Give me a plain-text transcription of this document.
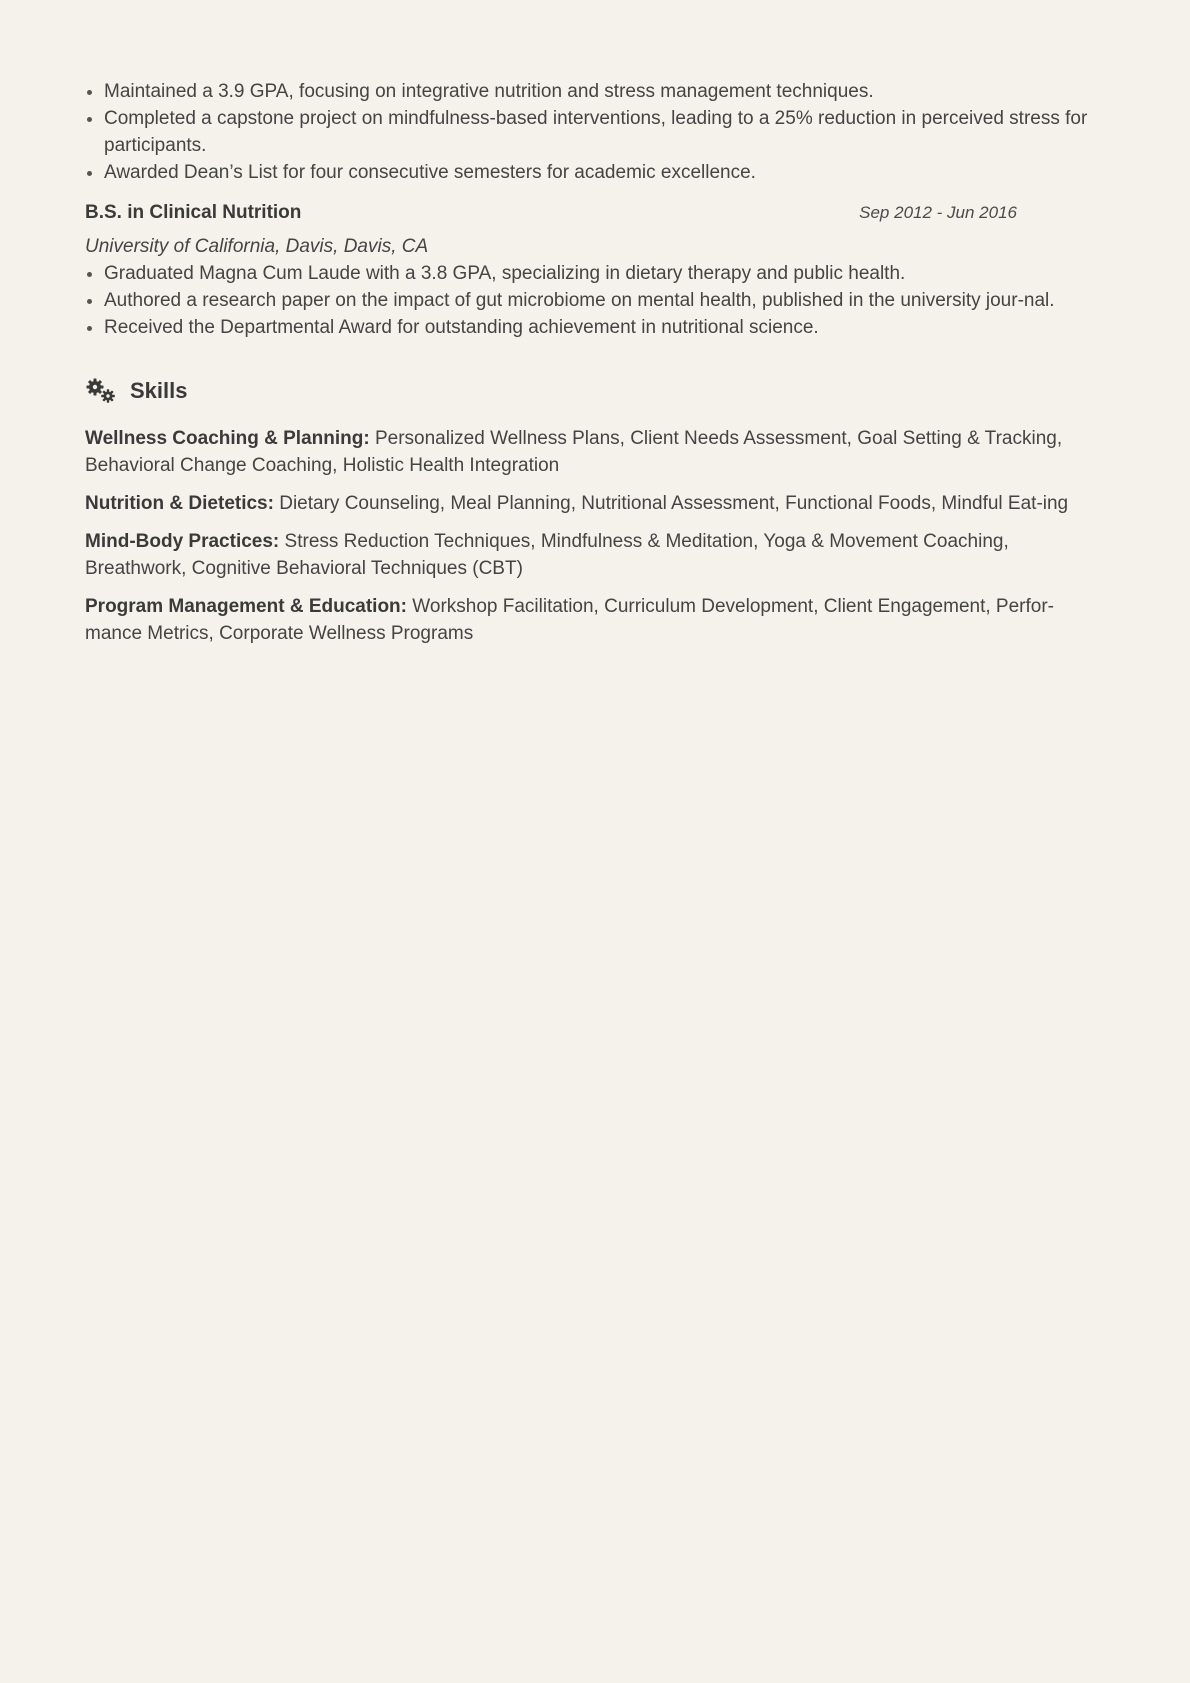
Maintained a 3.9 GPA, focusing on integrative nutrition and stress management techniques.
Completed a capstone project on mindfulness-based interventions, leading to a 25% reduction in perceived stress for participants.
Awarded Dean’s List for four consecutive semesters for academic excellence.
B.S. in Clinical Nutrition	Sep 2012 - Jun 2016
University of California, Davis, Davis, CA
Graduated Magna Cum Laude with a 3.8 GPA, specializing in dietary therapy and public health.
Authored a research paper on the impact of gut microbiome on mental health, published in the university jour-nal.
Received the Departmental Award for outstanding achievement in nutritional science.
Skills
Wellness Coaching & Planning: Personalized Wellness Plans, Client Needs Assessment, Goal Setting & Tracking, Behavioral Change Coaching, Holistic Health Integration
Nutrition & Dietetics: Dietary Counseling, Meal Planning, Nutritional Assessment, Functional Foods, Mindful Eat-ing
Mind-Body Practices: Stress Reduction Techniques, Mindfulness & Meditation, Yoga & Movement Coaching, Breathwork, Cognitive Behavioral Techniques (CBT)
Program Management & Education: Workshop Facilitation, Curriculum Development, Client Engagement, Perfor-mance Metrics, Corporate Wellness Programs
